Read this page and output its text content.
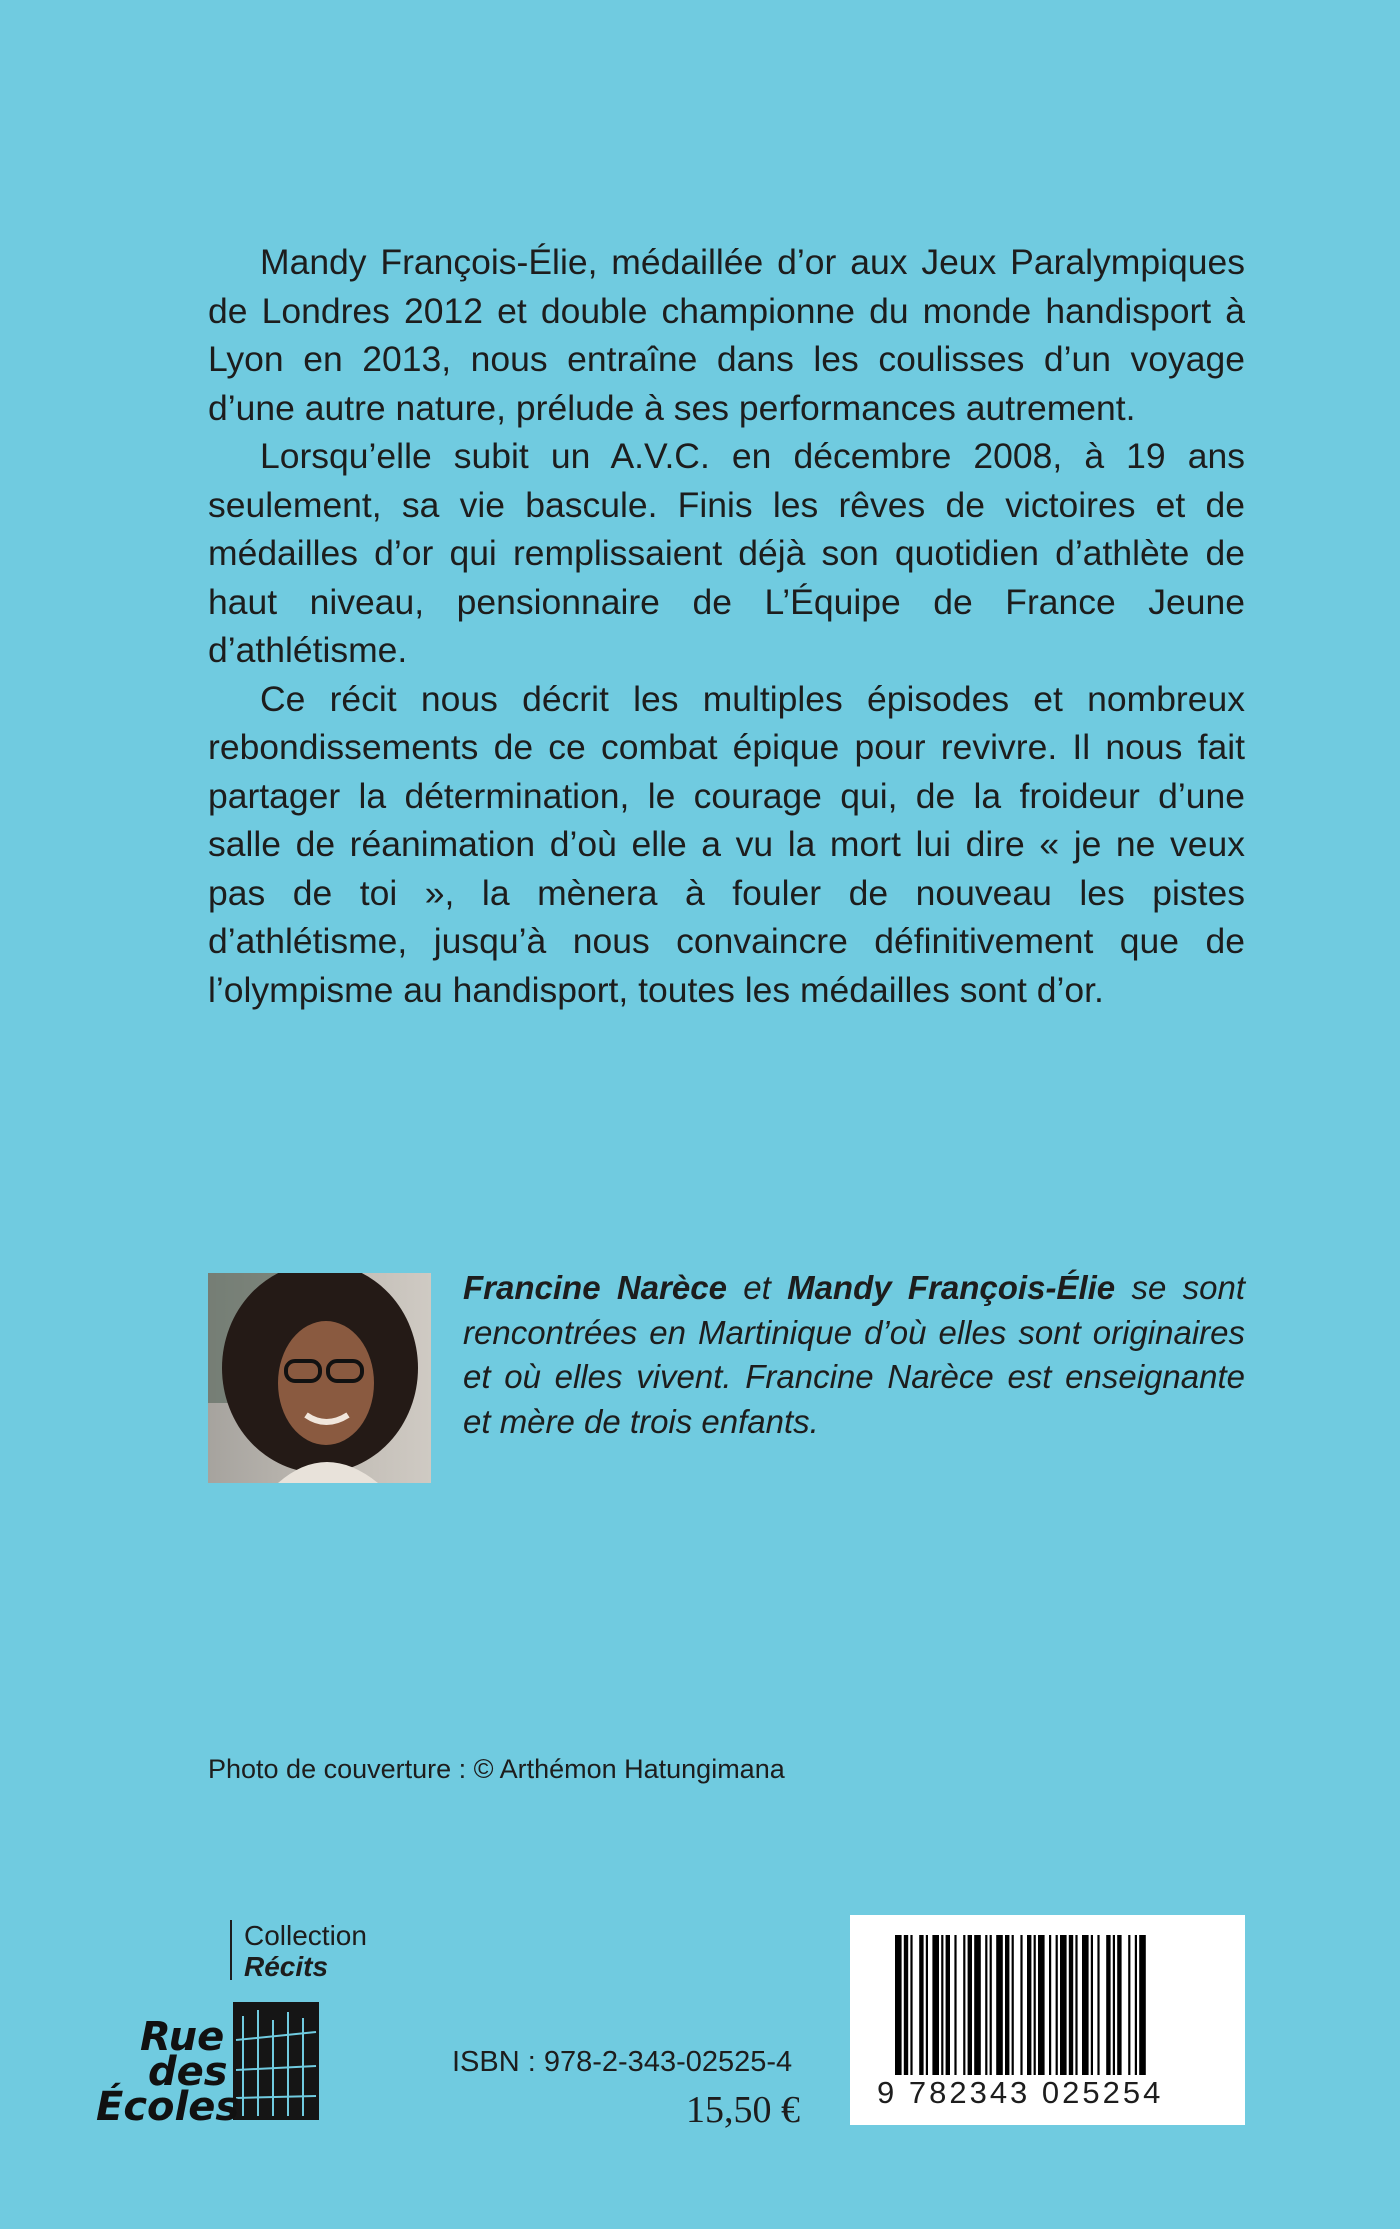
Mandy François-Élie, médaillée d’or aux Jeux Paralympiques de Londres 2012 et double championne du monde handisport à Lyon en 2013, nous entraîne dans les coulisses d’un voyage d’une autre nature, prélude à ses performances autrement.

Lorsqu’elle subit un A.V.C. en décembre 2008, à 19 ans seulement, sa vie bascule. Finis les rêves de victoires et de médailles d’or qui remplissaient déjà son quotidien d’athlète de haut niveau, pensionnaire de L’Équipe de France Jeune d’athlétisme.

Ce récit nous décrit les multiples épisodes et nombreux rebondissements de ce combat épique pour revivre. Il nous fait partager la détermination, le courage qui, de la froideur d’une salle de réanimation d’où elle a vu la mort lui dire « je ne veux pas de toi », la mènera à fouler de nouveau les pistes d’athlétisme, jusqu’à nous convaincre définitivement que de l’olympisme au handisport, toutes les médailles sont d’or.

Francine Narèce et Mandy François-Élie se sont rencontrées en Martinique d’où elles sont originaires et où elles vivent. Francine Narèce est enseignante et mère de trois enfants.
Photo de couverture : © Arthémon Hatungimana
Collection
Récits
Rue
des
Écoles
ISBN : 978-2-343-02525-4
15,50 € 9 782343 025254
